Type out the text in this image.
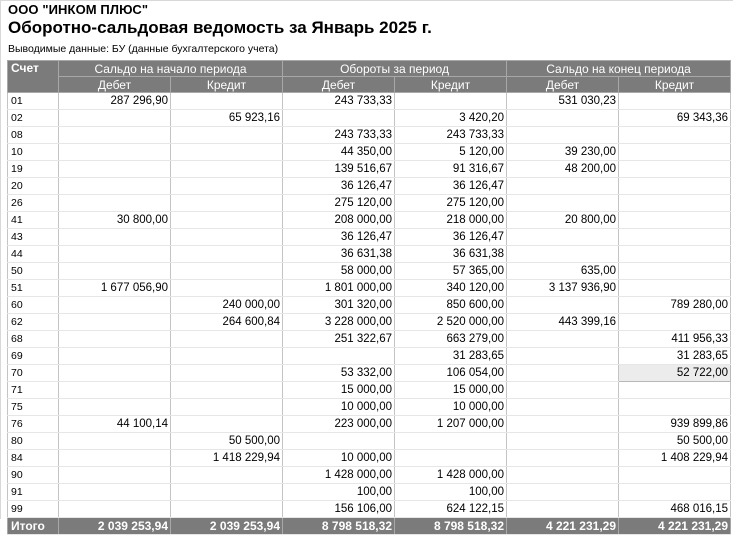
ООО "ИНКОМ ПЛЮС"
Оборотно-сальдовая ведомость за Январь 2025 г.
Выводимые данные: БУ (данные бухгалтерского учета)
Счет	Сальдо на начало периода		Обороты за период		Сальдо на конец периода	
	Дебет	Кредит	Дебет	Кредит	Дебет	Кредит
01	287 296,90		243 733,33		531 030,23	
02		65 923,16		3 420,20		69 343,36
08			243 733,33	243 733,33		
10			44 350,00	5 120,00	39 230,00	
19			139 516,67	91 316,67	48 200,00	
20			36 126,47	36 126,47		
26			275 120,00	275 120,00		
41	30 800,00		208 000,00	218 000,00	20 800,00	
43			36 126,47	36 126,47		
44			36 631,38	36 631,38		
50			58 000,00	57 365,00	635,00	
51	1 677 056,90		1 801 000,00	340 120,00	3 137 936,90	
60		240 000,00	301 320,00	850 600,00		789 280,00
62		264 600,84	3 228 000,00	2 520 000,00	443 399,16	
68			251 322,67	663 279,00		411 956,33
69				31 283,65		31 283,65
70			53 332,00	106 054,00		52 722,00
71			15 000,00	15 000,00		
75			10 000,00	10 000,00		
76	44 100,14		223 000,00	1 207 000,00		939 899,86
80		50 500,00				50 500,00
84		1 418 229,94	10 000,00			1 408 229,94
90			1 428 000,00	1 428 000,00		
91			100,00	100,00		
99			156 106,00	624 122,15		468 016,15
Итого	2 039 253,94	2 039 253,94	8 798 518,32	8 798 518,32	4 221 231,29	4 221 231,29
